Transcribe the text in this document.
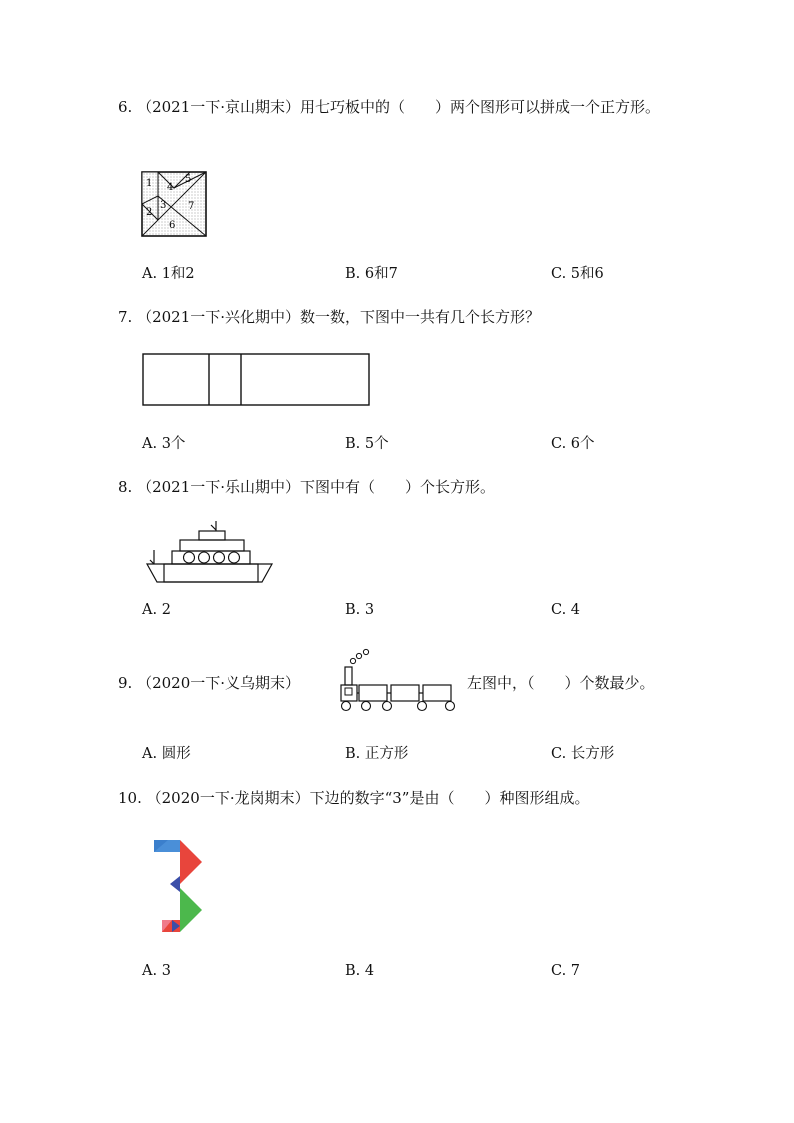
6. （2021一下·京山期末）用七巧板中的（　　）两个图形可以拼成一个正方形。
1 4
5
2
3 7
6
A. 1和2	B. 6和7	C. 5和6
7. （2021一下·兴化期中）数一数，下图中一共有几个长方形？
A. 3个	B. 5个	C. 6个
8. （2021一下·乐山期中）下图中有（　　）个长方形。
A. 2	B. 3	C. 4
9. （2020一下·义乌期末）	左图中，（　　）个数最少。
A. 圆形	B. 正方形	C. 长方形
10. （2020一下·龙岗期末）下边的数字“3”是由（　　）种图形组成。
A. 3	B. 4	C. 7
